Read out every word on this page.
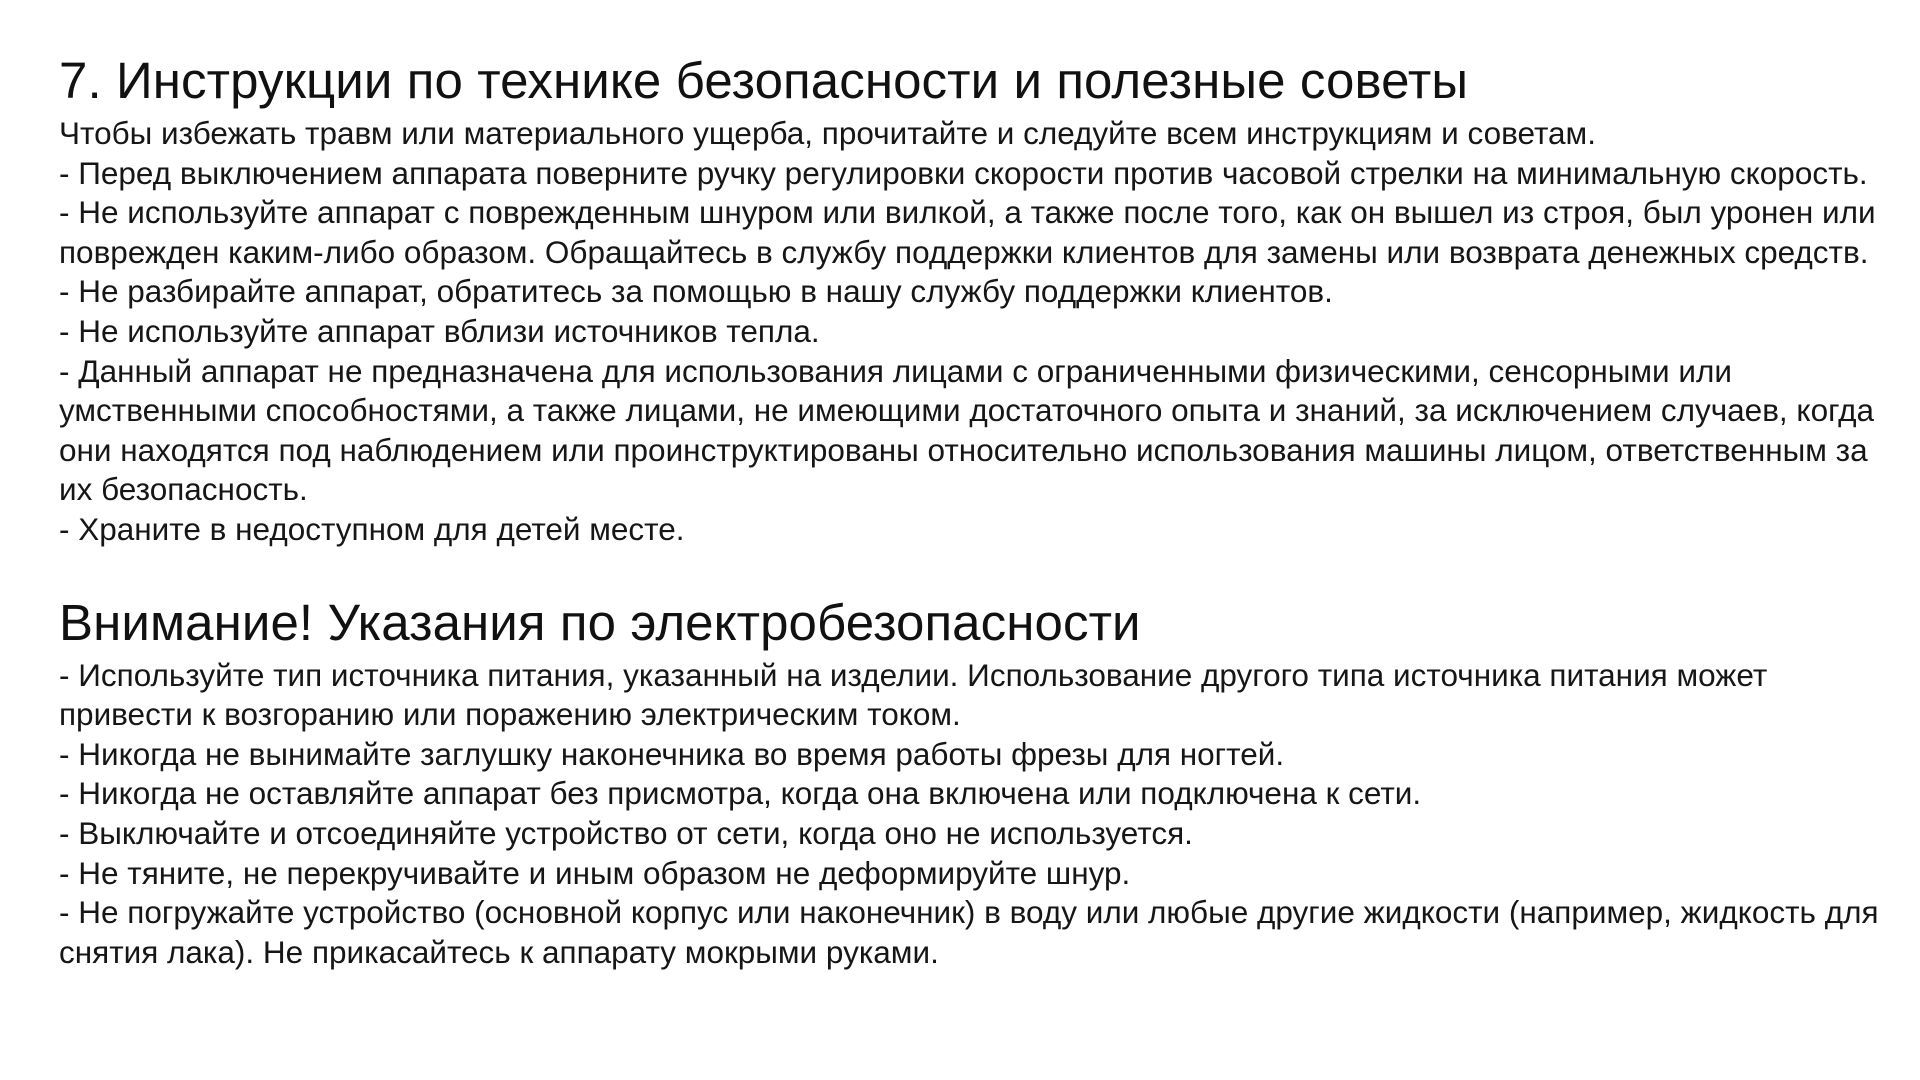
7. Инструкции по технике безопасности и полезные советы

Чтобы избежать травм или материального ущерба, прочитайте и следуйте всем инструкциям и советам.

- Перед выключением аппарата поверните ручку регулировки скорости против часовой стрелки на минимальную скорость.
- Не используйте аппарат с поврежденным шнуром или вилкой, а также после того, как он вышел из строя, был уронен или поврежден каким-либо образом. Обращайтесь в службу поддержки клиентов для замены или возврата денежных средств.
- Не разбирайте аппарат, обратитесь за помощью в нашу службу поддержки клиентов.
- Не используйте аппарат вблизи источников тепла.
- Данный аппарат не предназначена для использования лицами с ограниченными физическими, сенсорными или умственными способностями, а также лицами, не имеющими достаточного опыта и знаний, за исключением случаев, когда они находятся под наблюдением или проинструктированы относительно использования машины лицом, ответственным за их безопасность.
- Храните в недоступном для детей месте.
Внимание! Указания по электробезопасности
- Используйте тип источника питания, указанный на изделии. Использование другого типа источника питания может привести к возгоранию или поражению электрическим током.
- Никогда не вынимайте заглушку наконечника во время работы фрезы для ногтей.
- Никогда не оставляйте аппарат без присмотра, когда она включена или подключена к сети.
- Выключайте и отсоединяйте устройство от сети, когда оно не используется.
- Не тяните, не перекручивайте и иным образом не деформируйте шнур.
- Не погружайте устройство (основной корпус или наконечник) в воду или любые другие жидкости (например, жидкость для снятия лака). Не прикасайтесь к аппарату мокрыми руками.
